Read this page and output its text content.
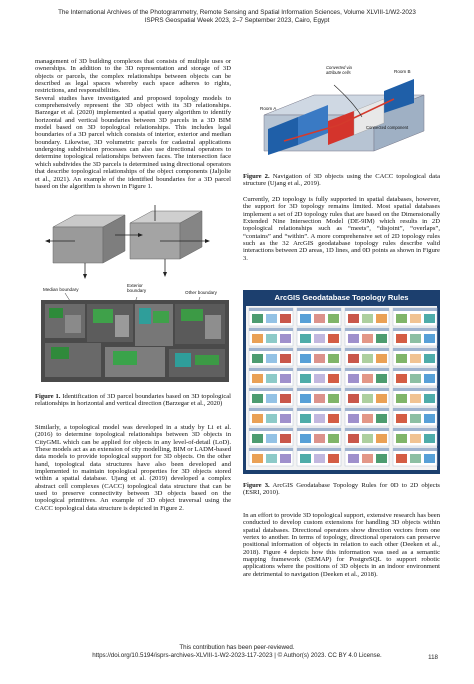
The International Archives of the Photogrammetry, Remote Sensing and Spatial Information Sciences, Volume XLVIII-1/W2-2023
ISPRS Geospatial Week 2023, 2–7 September 2023, Cairo, Egypt

management of 3D building complexes that consists of multiple uses or ownerships. In addition to the 3D representation and storage of 3D objects or parcels, the complex relationships between objects can be described as legal spaces whereby each space adheres to rights, restrictions, and responsibilities.

Several studies have investigated and proposed topology models to comprehensively represent the 3D object with its 3D relationships. Barzegar et al. (2020) implemented a spatial query algorithm to identify horizontal and vertical boundaries between 3D parcels in a 3D BIM model based on 3D topological relationships. This includes legal boundaries of a 3D parcel which consists of interior, exterior and median boundary. Likewise, 3D volumetric parcels for cadastral applications undergoing subdivision processes can also use directional operators to determine topological relationships between faces. The intersection face which subdivides the 3D parcels is determined using directional operators that describe topological relationships of the object components (Jaljolie et al., 2021). An example of the identified boundaries for a 3D parcel based on the algorithm is shown in Figure 1.

Median boundary
Exterior boundary	Other boundary

Figure 1. Identification of 3D parcel boundaries based on 3D topological relationships in horizontal and vertical direction (Barzegar et al., 2020)

Similarly, a topological model was developed in a study by Li et al. (2016) to determine topological relationships between 3D objects in CityGML which can be applied for objects in any level-of-detail (LoD). These models act as an extension of city modelling, BIM or LADM-based data models to provide topological support for 3D objects. On the other hand, topological data structures have also been developed and implemented to maintain topological properties for 3D objects stored within a spatial database. Ujang et al. (2019) developed a complex abstract cell complexes (CACC) topological data structure that can be used to preserve connectivity between 3D objects based on the topological primitives. An example of 3D object traversal using the CACC topological data structure is depicted in Figure 2.

Room A
Room B
Converted via attribute cells
Connected component

Figure 2. Navigation of 3D objects using the CACC topological data structure (Ujang et al., 2019).

Currently, 2D topology is fully supported in spatial databases, however, the support for 3D topology remains limited. Most spatial databases implement a set of 2D topology rules that are based on the Dimensionally Extended Nine Intersection Model (DE-9IM) which results in 2D topological relationships such as “meets”, “disjoint”, “overlaps”, “contains” and “within”. A more comprehensive set of 2D topology rules such as the 32 ArcGIS geodatabase topology rules describe valid interactions between 2D areas, 1D lines, and 0D points as shown in Figure 3.

ArcGIS Geodatabase Topology Rules

Figure 3. ArcGIS Geodatabase Topology Rules for 0D to 2D objects (ESRI, 2010).

In an effort to provide 3D topological support, extensive research has been conducted to develop custom extensions for handling 3D objects within spatial databases. Directional operators show direction vectors from one vertex to another. In terms of topology, directional operators can preserve positional information of objects in relation to each other (Deeken et al., 2018). Figure 4 depicts how this information was used as a semantic mapping framework (SEMAP) for PostgreSQL to support robotic applications where the positions of 3D objects in an indoor environment are detrimental to navigation (Deeken et al., 2018).

This contribution has been peer-reviewed.
https://doi.org/10.5194/isprs-archives-XLVIII-1-W2-2023-117-2023 | © Author(s) 2023. CC BY 4.0 License.	118
